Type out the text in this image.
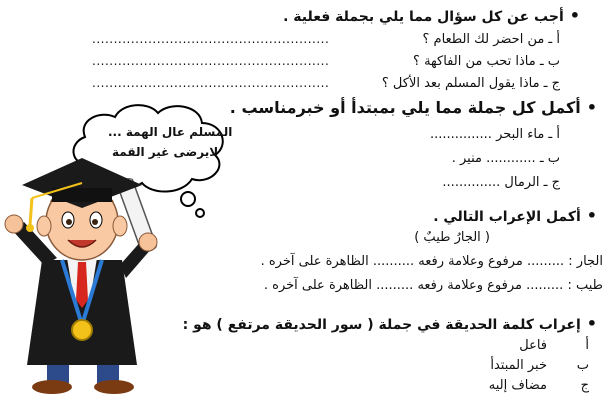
المسلم عال الهمة ...
لايرضى غير القمة
•أجب عن كل سؤال مما يلي بجملة فعلية .
أ ـ من احضر لك الطعام ؟
.......................................................
ب ـ ماذا تحب من الفاكهة ؟
.......................................................
ج ـ ماذا يقول المسلم بعد الأكل ؟
.......................................................
•أكمل كل جملة مما يلي بمبتدأ أو خبرمناسب .
أ ـ ماء البحر ...............
ب ـ ............ منير .
ج ـ الرمال ..............
•أكمل الإعراب التالي .
( الجارُ طيبٌ )
الجار : ......... مرفوع وعلامة رفعه .......... الظاهرة على آخره .
طيب : ......... مرفوع وعلامة رفعه ......... الظاهرة على آخره .
•إعراب كلمة الحديقة في جملة ( سور الحديقة مرتفع ) هو :
أ
فاعل
ب
خبر المبتدأ
ج
مضاف إليه
